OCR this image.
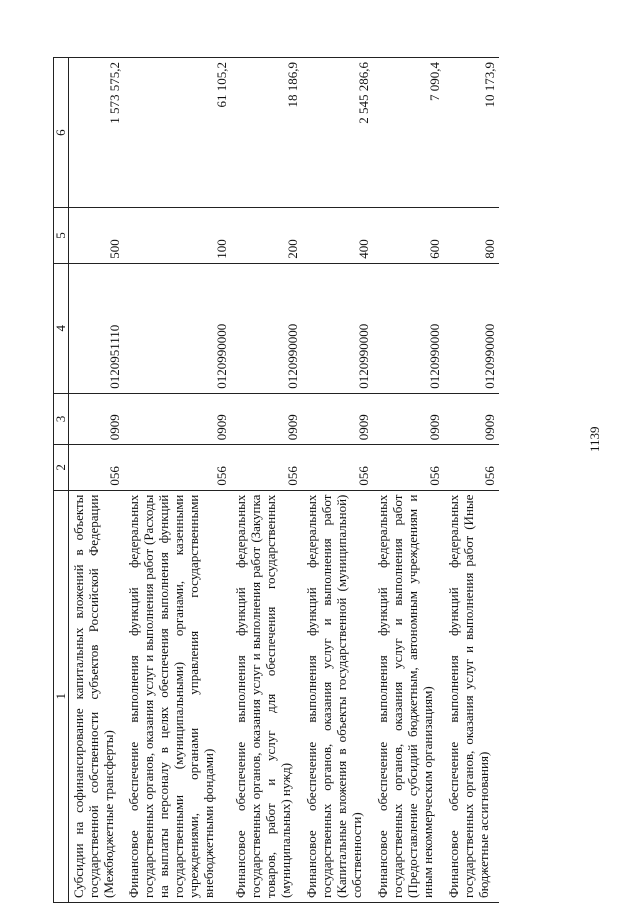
1139
1	2	3	4	5	6
Субсидии на софинансирование капитальных вложений в объекты государственной собственности субъектов Российской Федерации (Межбюджетные трансферты)	056	0909	0120951110	500	1 573 575,2
Финансовое обеспечение выполнения функций федеральных государственных органов, оказания услуг и выполнения работ (Расходы на выплаты персоналу в целях обеспечения выполнения функций государственными (муниципальными) органами, казенными учреждениями, органами управления государственными внебюджетными фондами)	056	0909	0120990000	100	61 105,2
Финансовое обеспечение выполнения функций федеральных государственных органов, оказания услуг и выполнения работ (Закупка товаров, работ и услуг для обеспечения государственных (муниципальных) нужд)	056	0909	0120990000	200	18 186,9
Финансовое обеспечение выполнения функций федеральных государственных органов, оказания услуг и выполнения работ (Капитальные вложения в объекты государственной (муниципальной) собственности)	056	0909	0120990000	400	2 545 286,6
Финансовое обеспечение выполнения функций федеральных государственных органов, оказания услуг и выполнения работ (Предоставление субсидий бюджетным, автономным учреждениям и иным некоммерческим организациям)	056	0909	0120990000	600	7 090,4
Финансовое обеспечение выполнения функций федеральных государственных органов, оказания услуг и выполнения работ (Иные бюджетные ассигнования)	056	0909	0120990000	800	10 173,9
